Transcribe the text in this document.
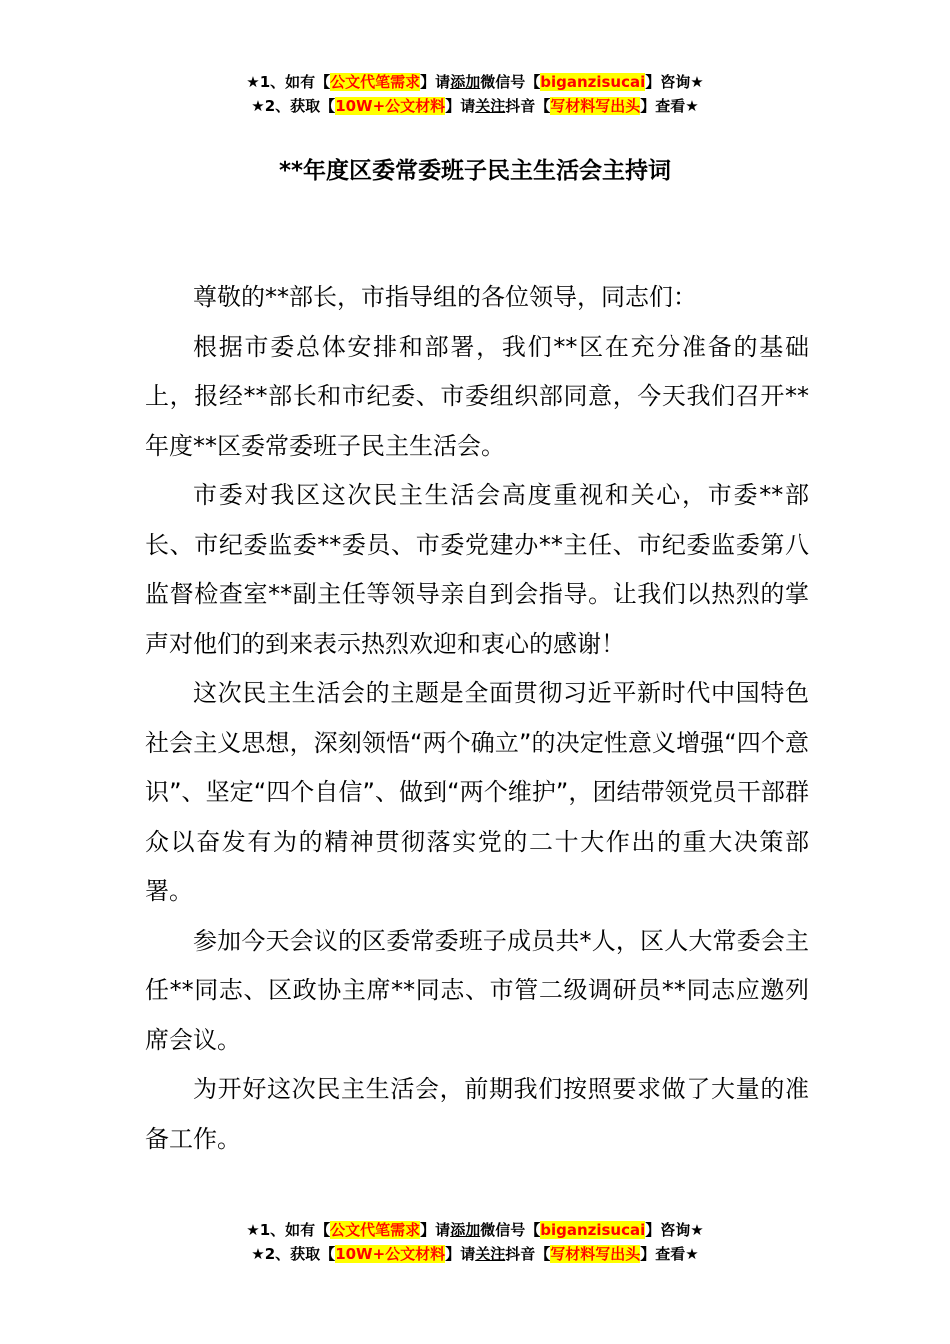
★1、如有【公文代笔需求】请添加微信号【biganzisucai】咨询★
★2、获取【10W+公文材料】请关注抖音【写材料写出头】查看★
**年度区委常委班子民主生活会主持词

尊敬的**部长，市指导组的各位领导，同志们：

根据市委总体安排和部署，我们**区在充分准备的基础上，报经**部长和市纪委、市委组织部同意，今天我们召开**年度**区委常委班子民主生活会。

市委对我区这次民主生活会高度重视和关心，市委**部长、市纪委监委**委员、市委党建办**主任、市纪委监委第八监督检查室**副主任等领导亲自到会指导。让我们以热烈的掌声对他们的到来表示热烈欢迎和衷心的感谢！

这次民主生活会的主题是全面贯彻习近平新时代中国特色社会主义思想，深刻领悟“两个确立”的决定性意义增强“四个意识”、坚定“四个自信”、做到“两个维护”，团结带领党员干部群众以奋发有为的精神贯彻落实党的二十大作出的重大决策部署。

参加今天会议的区委常委班子成员共*人，区人大常委会主任**同志、区政协主席**同志、市管二级调研员**同志应邀列席会议。

为开好这次民主生活会，前期我们按照要求做了大量的准备工作。

★1、如有【公文代笔需求】请添加微信号【biganzisucai】咨询★
★2、获取【10W+公文材料】请关注抖音【写材料写出头】查看★
